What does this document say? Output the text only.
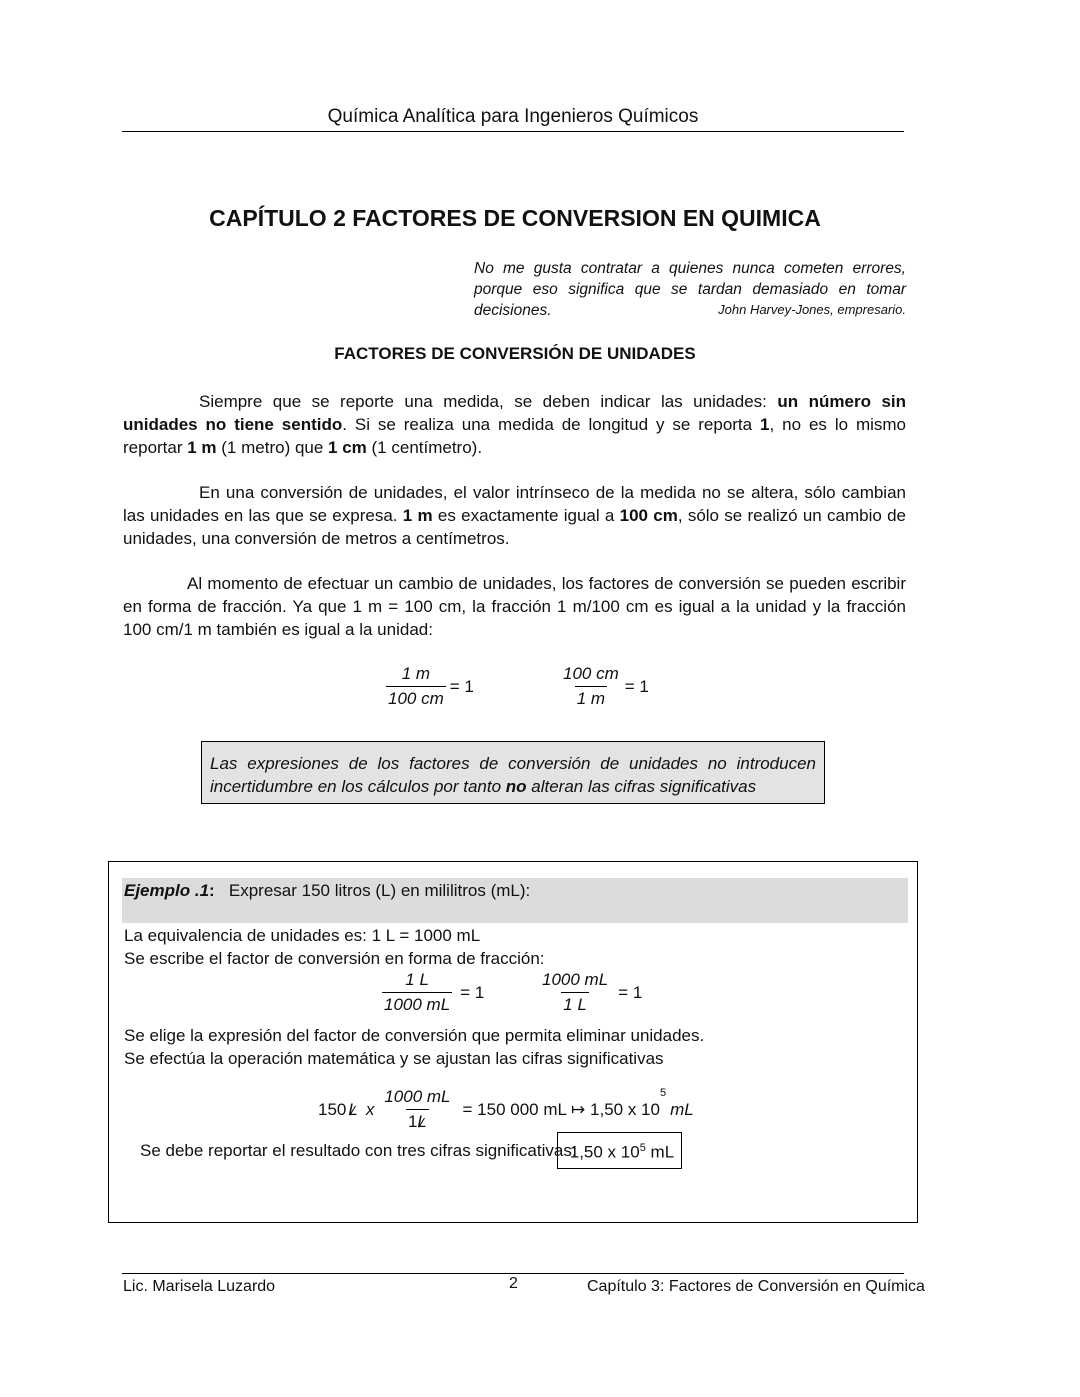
Química Analítica para Ingenieros Químicos
CAPÍTULO 2 FACTORES DE CONVERSION EN QUIMICA
No me gusta contratar a quienes nunca cometen errores, porque eso significa que se tardan demasiado en tomar decisiones.	John Harvey-Jones, empresario.
FACTORES DE CONVERSIÓN DE UNIDADES

Siempre que se reporte una medida, se deben indicar las unidades: un número sin unidades no tiene sentido. Si se realiza una medida de longitud y se reporta 1, no es lo mismo reportar 1 m (1 metro) que 1 cm (1 centímetro).

En una conversión de unidades, el valor intrínseco de la medida no se altera, sólo cambian las unidades en las que se expresa. 1 m es exactamente igual a 100 cm, sólo se realizó un cambio de unidades, una conversión de metros a centímetros.

Al momento de efectuar un cambio de unidades, los factores de conversión se pueden escribir en forma de fracción. Ya que 1 m = 100 cm, la fracción 1 m/100 cm es igual a la unidad y la fracción 100 cm/1 m también es igual a la unidad:

$\frac{1 m}{100 cm} = 1$	$\frac{100 cm}{1 m} = 1$
Las expresiones de los factores de conversión de unidades no introducen incertidumbre en los cálculos por tanto no alteran las cifras significativas
Ejemplo .1: Expresar 150 litros (L) en mililitros (mL):
La equivalencia de unidades es: 1 L = 1000 mL
Se escribe el factor de conversión en forma de fracción:
$\frac{1 L}{1000 mL} = 1$	$\frac{1000 mL}{1 L} = 1$
Se elige la expresión del factor de conversión que permita eliminar unidades.
Se efectúa la operación matemática y se ajustan las cifras significativas
150 L x $\frac{1000 mL}{1L} = 150$ 000 mL ↦ 1,50 x 10
5
mL
Se debe reportar el resultado con tres cifras significativas:
1,50 x $10^5$ mL
Lic. Marisela Luzardo	2	Capítulo 3: Factores de Conversión en Química
